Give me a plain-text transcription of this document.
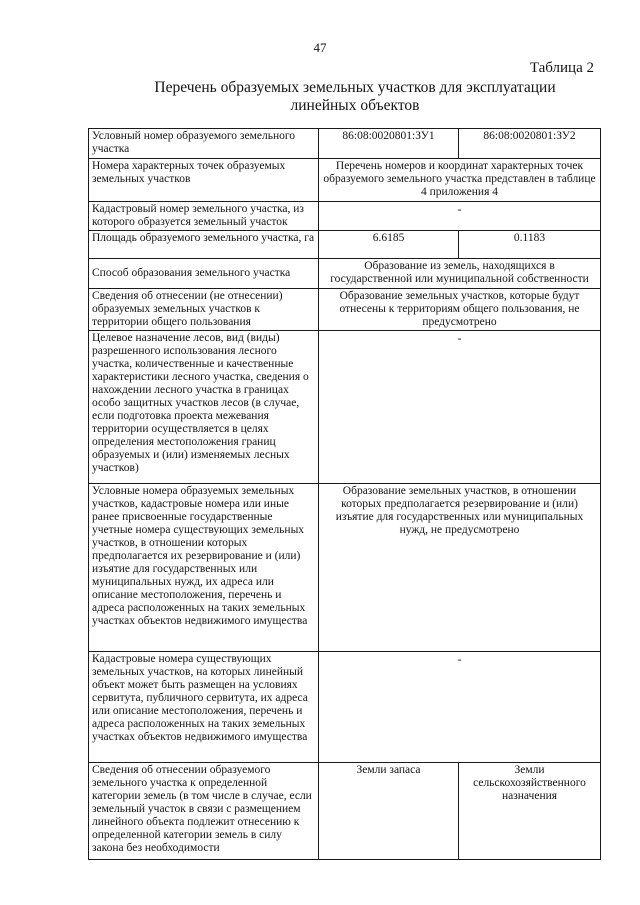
47
Таблица 2
Перечень образуемых земельных участков для эксплуатации линейных объектов
Условный номер образуемого земельного участка	86:08:0020801:ЗУ1	86:08:0020801:ЗУ2
Номера характерных точек образуемых земельных участков	Перечень номеров и координат характерных точек образуемого земельного участка представлен в таблице 4 приложения 4	
Кадастровый номер земельного участка, из которого образуется земельный участок	-	
Площадь образуемого земельного участка, га	6.6185	0.1183
Способ образования земельного участка	Образование из земель, находящихся в государственной или муниципальной собственности	
Сведения об отнесении (не отнесении) образуемых земельных участков к территории общего пользования	Образование земельных участков, которые будут отнесены к территориям общего пользования, не предусмотрено	
Целевое назначение лесов, вид (виды) разрешенного использования лесного участка, количественные и качественные характеристики лесного участка, сведения о нахождении лесного участка в границах особо защитных участков лесов (в случае, если подготовка проекта межевания территории осуществляется в целях определения местоположения границ образуемых и (или) изменяемых лесных участков)	-	
Условные номера образуемых земельных участков, кадастровые номера или иные ранее присвоенные государственные учетные номера существующих земельных участков, в отношении которых предполагается их резервирование и (или) изъятие для государственных или муниципальных нужд, их адреса или описание местоположения, перечень и адреса расположенных на таких земельных участках объектов недвижимого имущества	Образование земельных участков, в отношении которых предполагается резервирование и (или) изъятие для государственных или муниципальных нужд, не предусмотрено	
Кадастровые номера существующих земельных участков, на которых линейный объект может быть размещен на условиях сервитута, публичного сервитута, их адреса или описание местоположения, перечень и адреса расположенных на таких земельных участках объектов недвижимого имущества	-	
Сведения об отнесении образуемого земельного участка к определенной категории земель (в том числе в случае, если земельный участок в связи с размещением линейного объекта подлежит отнесению к определенной категории земель в силу закона без необходимости	Земли запаса	Земли сельскохозяйственного назначения
